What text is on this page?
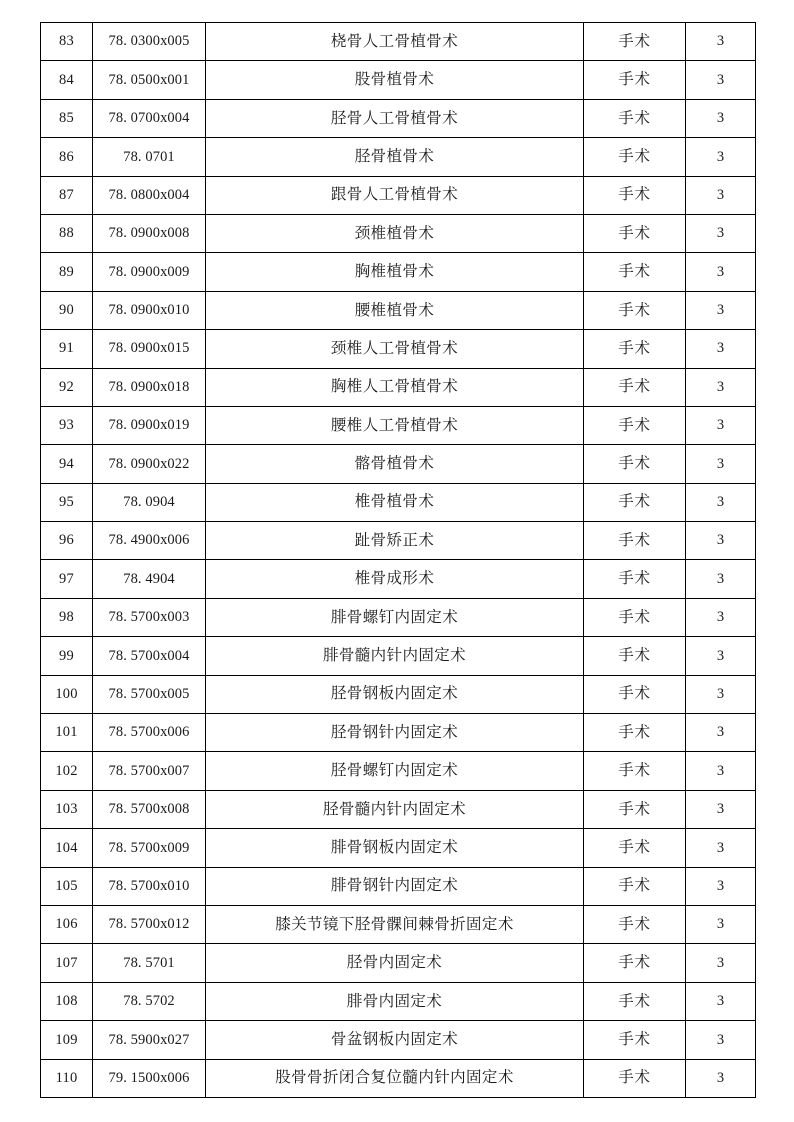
83	78. 0300x005	桡骨人工骨植骨术	手术	3
84	78. 0500x001	股骨植骨术	手术	3
85	78. 0700x004	胫骨人工骨植骨术	手术	3
86	78. 0701	胫骨植骨术	手术	3
87	78. 0800x004	跟骨人工骨植骨术	手术	3
88	78. 0900x008	颈椎植骨术	手术	3
89	78. 0900x009	胸椎植骨术	手术	3
90	78. 0900x010	腰椎植骨术	手术	3
91	78. 0900x015	颈椎人工骨植骨术	手术	3
92	78. 0900x018	胸椎人工骨植骨术	手术	3
93	78. 0900x019	腰椎人工骨植骨术	手术	3
94	78. 0900x022	髂骨植骨术	手术	3
95	78. 0904	椎骨植骨术	手术	3
96	78. 4900x006	趾骨矫正术	手术	3
97	78. 4904	椎骨成形术	手术	3
98	78. 5700x003	腓骨螺钉内固定术	手术	3
99	78. 5700x004	腓骨髓内针内固定术	手术	3
100	78. 5700x005	胫骨钢板内固定术	手术	3
101	78. 5700x006	胫骨钢针内固定术	手术	3
102	78. 5700x007	胫骨螺钉内固定术	手术	3
103	78. 5700x008	胫骨髓内针内固定术	手术	3
104	78. 5700x009	腓骨钢板内固定术	手术	3
105	78. 5700x010	腓骨钢针内固定术	手术	3
106	78. 5700x012	膝关节镜下胫骨髁间棘骨折固定术	手术	3
107	78. 5701	胫骨内固定术	手术	3
108	78. 5702	腓骨内固定术	手术	3
109	78. 5900x027	骨盆钢板内固定术	手术	3
110	79. 1500x006	股骨骨折闭合复位髓内针内固定术	手术	3
